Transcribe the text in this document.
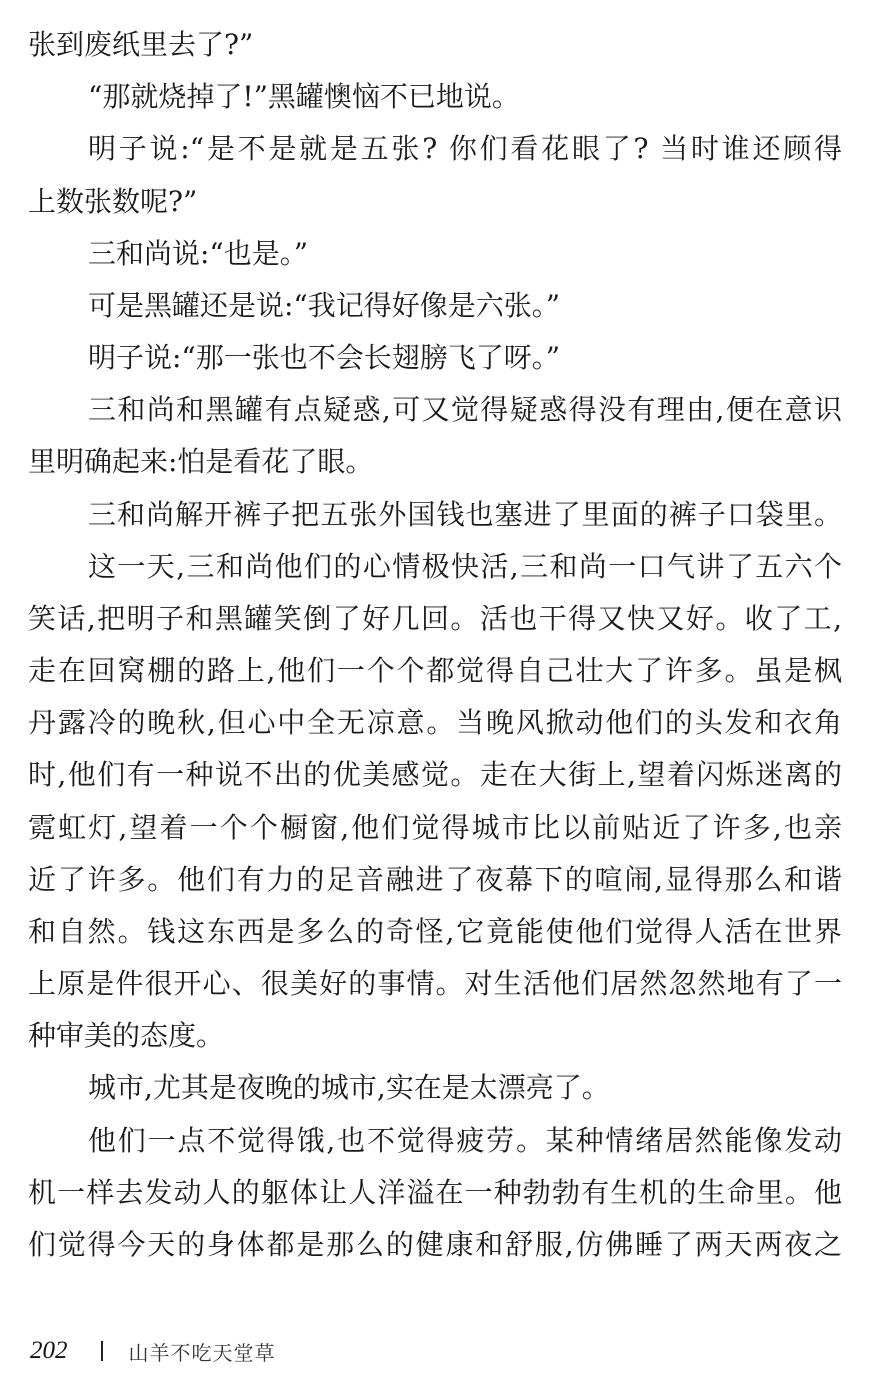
张到废纸里去了?”
“那就烧掉了!”黑罐懊恼不已地说。
明子说:“是不是就是五张? 你们看花眼了? 当时谁还顾得
上数张数呢?”
三和尚说:“也是。”
可是黑罐还是说:“我记得好像是六张。”
明子说:“那一张也不会长翅膀飞了呀。”
三和尚和黑罐有点疑惑,可又觉得疑惑得没有理由,便在意识
里明确起来:怕是看花了眼。
三和尚解开裤子把五张外国钱也塞进了里面的裤子口袋里。
这一天,三和尚他们的心情极快活,三和尚一口气讲了五六个
笑话,把明子和黑罐笑倒了好几回。活也干得又快又好。收了工,
走在回窝棚的路上,他们一个个都觉得自己壮大了许多。虽是枫
丹露冷的晚秋,但心中全无凉意。当晚风掀动他们的头发和衣角
时,他们有一种说不出的优美感觉。走在大街上,望着闪烁迷离的
霓虹灯,望着一个个橱窗,他们觉得城市比以前贴近了许多,也亲
近了许多。他们有力的足音融进了夜幕下的喧闹,显得那么和谐
和自然。钱这东西是多么的奇怪,它竟能使他们觉得人活在世界
上原是件很开心、很美好的事情。对生活他们居然忽然地有了一
种审美的态度。
城市,尤其是夜晚的城市,实在是太漂亮了。
他们一点不觉得饿,也不觉得疲劳。某种情绪居然能像发动
机一样去发动人的躯体让人洋溢在一种勃勃有生机的生命里。他
们觉得今天的身体都是那么的健康和舒服,仿佛睡了两天两夜之
202	山羊不吃天堂草
